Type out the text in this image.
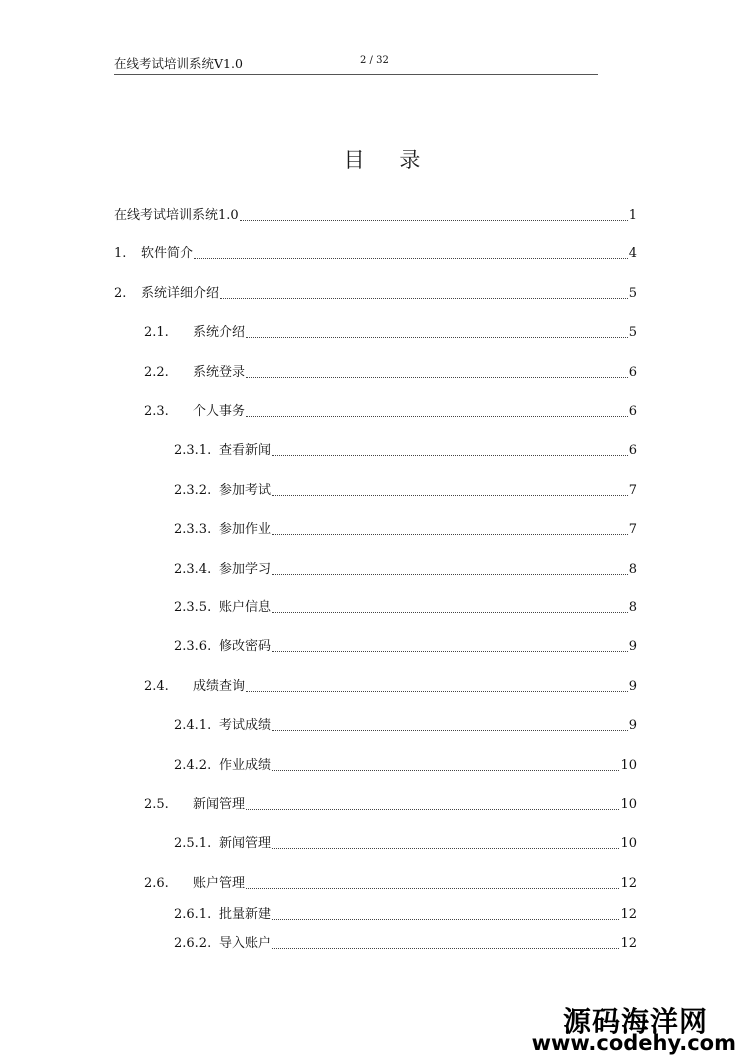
在线考试培训系统V1.0	2 / 32
目 录
在线考试培训系统1.0	1
1.	软件简介	4
2.	系统详细介绍	5
2.1.	系统介绍	5
2.2.	系统登录	6
2.3.	个人事务	6
2.3.1. 查看新闻	6
2.3.2. 参加考试	7
2.3.3. 参加作业	7
2.3.4. 参加学习	8
2.3.5. 账户信息	8
2.3.6. 修改密码	9
2.4.	成绩查询	9
2.4.1. 考试成绩	9
2.4.2. 作业成绩	10
2.5.	新闻管理	10
2.5.1. 新闻管理	10
2.6.	账户管理	12
2.6.1. 批量新建	12
2.6.2. 导入账户	12
源码海洋网
www.codehy.com
